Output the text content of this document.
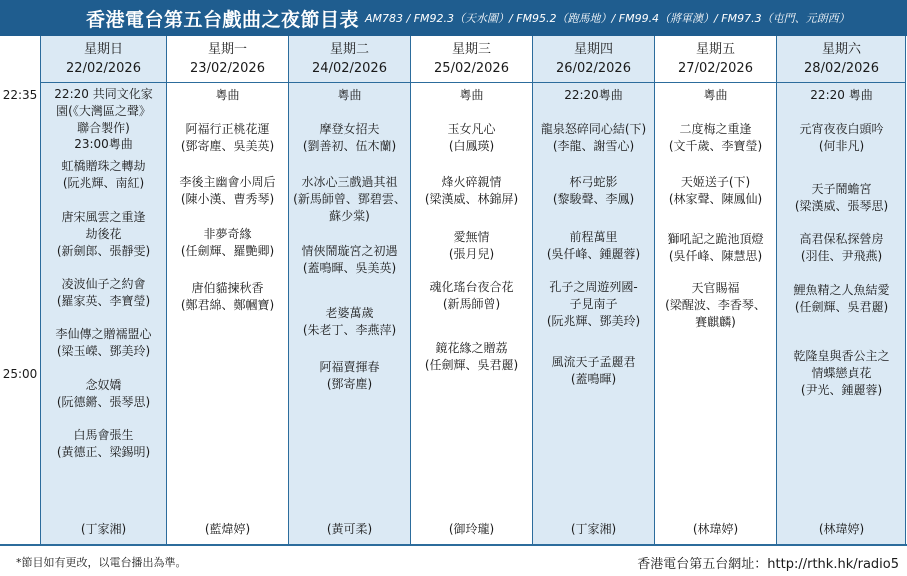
香港電台第五台戲曲之夜節目表 AM783 / FM92.3（天水圍）/ FM95.2（跑馬地）/ FM99.4（將軍澳）/ FM97.3（屯門、元朗西）
22:35
25:00
星期日
22/02/2026
22:20 共同文化家
園(《大灣區之聲》
聯合製作)
23:00粵曲
虹橋贈珠之轉劫
(阮兆輝、南紅)
唐宋風雲之重逢
劫後花
(新劍郎、張靜雯)
凌波仙子之約會
(羅家英、李寶瑩)
李仙傳之贈襦盟心
(梁玉嶸、鄧美玲)
念奴嬌
(阮德鏘、張琴思)
白馬會張生
(黃德正、梁錫明)
(丁家湘)
星期一
23/02/2026
粵曲
阿福行正桃花運
(鄧寄塵、吳美英)
李後主幽會小周后
(陳小漢、曹秀琴)
非夢奇緣
(任劍輝、羅艷卿)
唐伯貓揀秋香
(鄭君綿、鄭幗寶)
(藍煒婷)
星期二
24/02/2026
粵曲
摩登女招夫
(劉善初、伍木蘭)
水冰心三戲過其祖
(新馬師曾、鄧碧雲、
蘇少棠)
情俠鬧璇宮之初遇
(蓋鳴暉、吳美英)
老婆萬歲
(朱老丁、李燕萍)
阿福賣揮春
(鄧寄塵)
(黃可柔)
星期三
25/02/2026
粵曲
玉女凡心
(白鳳瑛)
烽火碎親情
(梁漢威、林錦屏)
愛無情
(張月兒)
魂化瑤台夜合花
(新馬師曾)
鏡花緣之贈荔
(任劍輝、吳君麗)
(御玲瓏)
星期四
26/02/2026
22:20粵曲
龍泉怒碎同心結(下)
(李龍、謝雪心)
杯弓蛇影
(黎駿聲、李鳳)
前程萬里
(吳仟峰、鍾麗蓉)
孔子之周遊列國-
子見南子
(阮兆輝、鄧美玲)
風流天子孟麗君
(蓋鳴暉)
(丁家湘)
星期五
27/02/2026
粵曲
二度梅之重逢
(文千歲、李寶瑩)
天姬送子(下)
(林家聲、陳鳳仙)
獅吼記之跪池頂燈
(吳仟峰、陳慧思)
天官賜福
(梁醒波、李香琴、
賽麒麟)
(林瑋婷)
星期六
28/02/2026
22:20 粵曲
元宵夜夜白頭吟
(何非凡)
天子鬧蟾宮
(梁漢威、張琴思)
高君保私探營房
(羽佳、尹飛燕)
鯉魚精之人魚結愛
(任劍輝、吳君麗)
乾隆皇與香公主之
情蝶戀貞花
(尹光、鍾麗蓉)
(林瑋婷)
*節目如有更改，以電台播出為準。	香港電台第五台網址：http://rthk.hk/radio5
